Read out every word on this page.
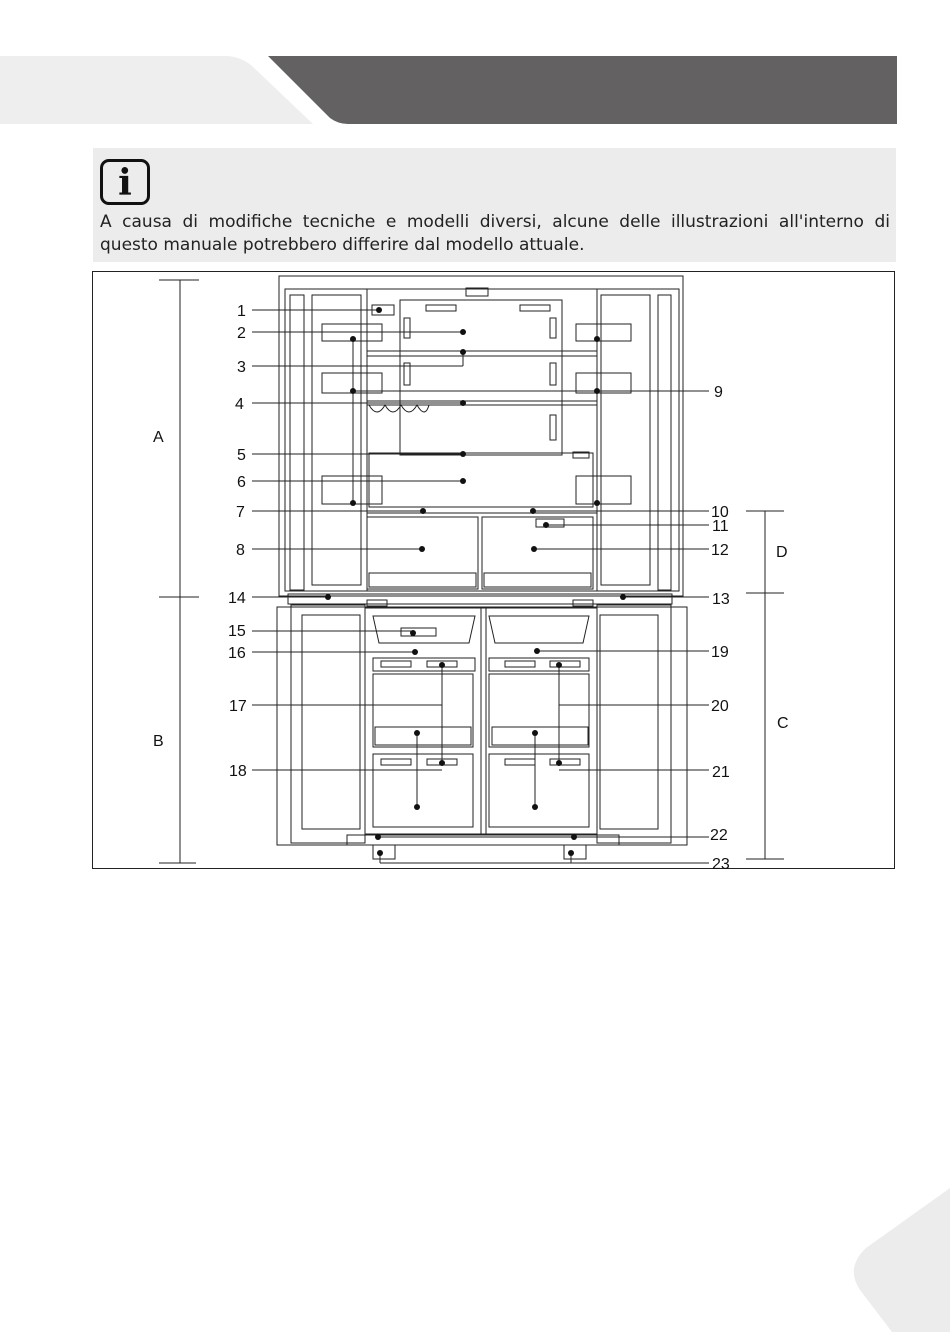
i
A causa di modifiche tecniche e modelli diversi, alcune delle illustrazioni all'interno di questo manuale potrebbero differire dal modello attuale.
1
2
3
4
5
6
7
8
9
10
11
12
13
14
15
16
17
18
19
20
21
22
23
A
B
C
D
